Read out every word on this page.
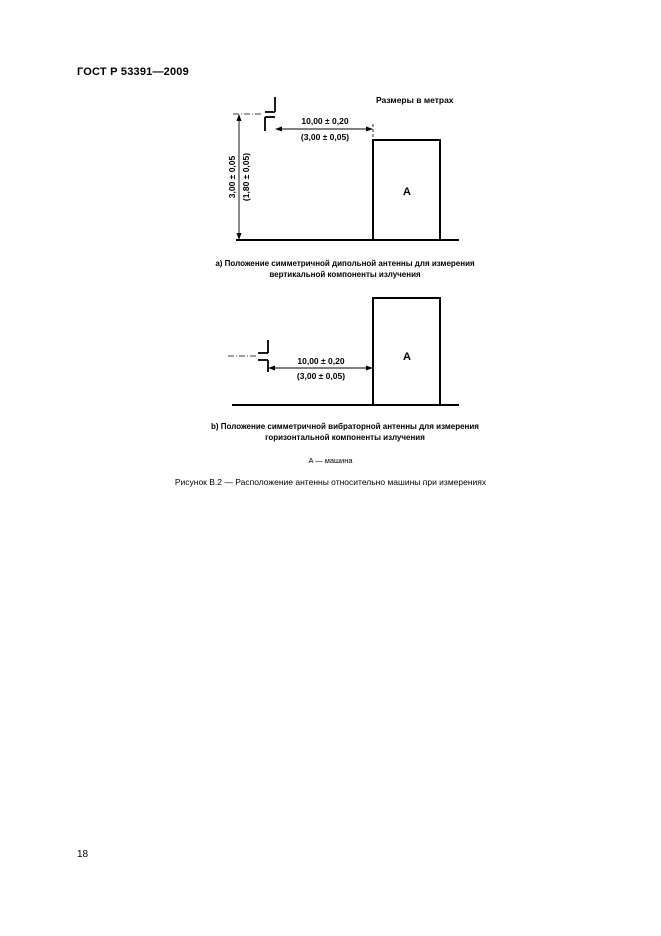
ГОСТ Р 53391—2009
Размеры в метрах
10,00 ± 0,20
(3,00 ± 0,05)
3,00 ± 0,05 (1,80 ± 0,05)	A
а) Положение симметричной дипольной антенны для измерения
вертикальной компоненты излучения
10,00 ± 0,20
(3,00 ± 0,05)
A
b) Положение симметричной вибраторной антенны для измерения
горизонтальной компоненты излучения
A — машина
Рисунок В.2 — Расположение антенны относительно машины при измерениях
18
